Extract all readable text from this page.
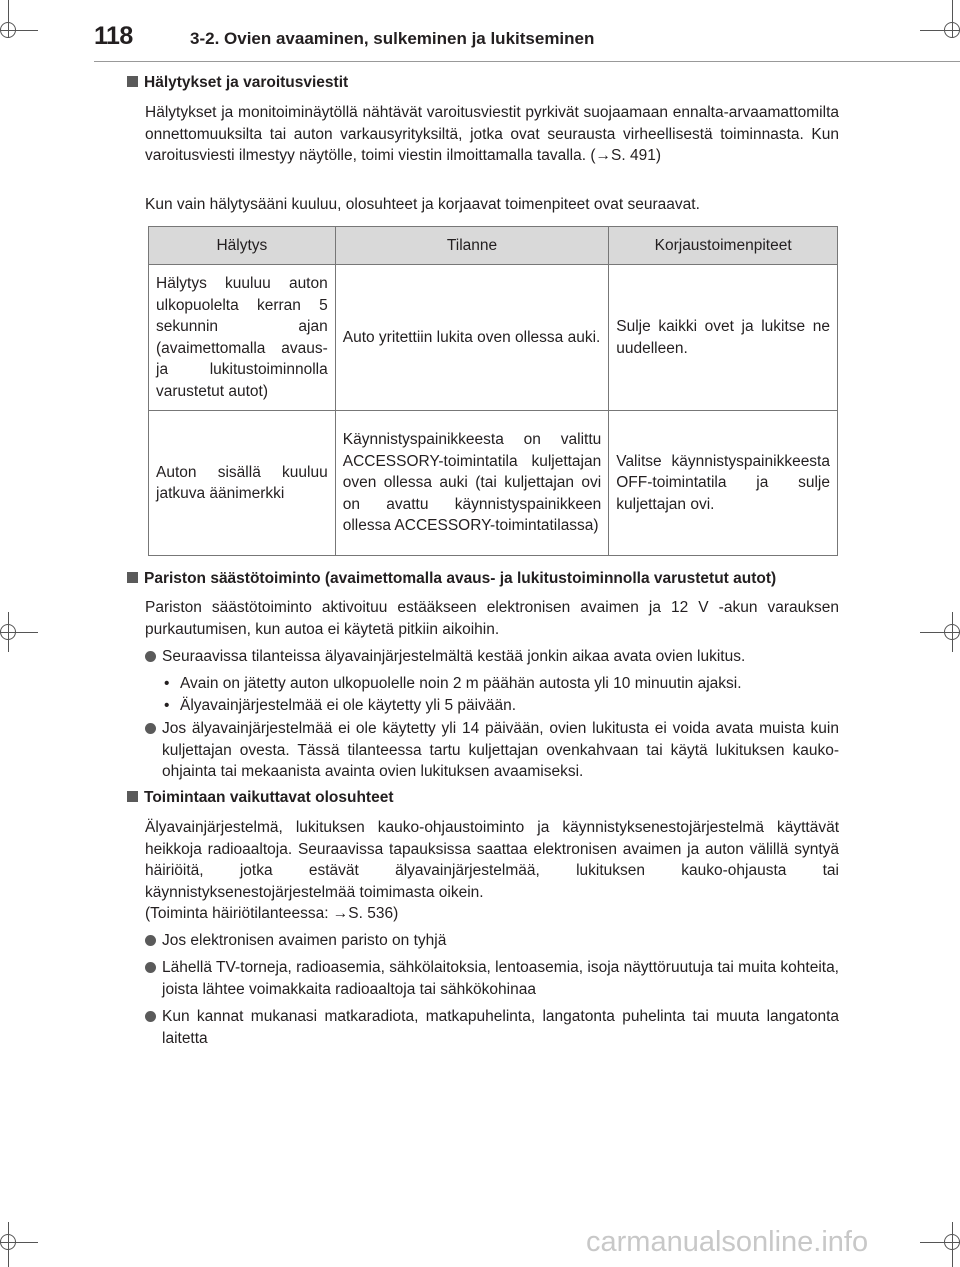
118	3-2. Ovien avaaminen, sulkeminen ja lukitseminen
Hälytykset ja varoitusviestit
Hälytykset ja monitoiminäytöllä nähtävät varoitusviestit pyrkivät suojaamaan ennalta-arvaamattomilta onnettomuuksilta tai auton varkausyrityksiltä, jotka ovat seurausta virheellisestä toiminnasta. Kun varoitusviesti ilmestyy näytölle, toimi viestin ilmoittamalla tavalla. (→S. 491)
Kun vain hälytysääni kuuluu, olosuhteet ja korjaavat toimenpiteet ovat seuraavat.
Hälytys	Tilanne	Korjaustoimenpiteet
Hälytys kuuluu auton ulkopuolelta kerran 5 sekunnin ajan (avaimettomalla avaus- ja lukitustoiminnolla varustetut autot)	Auto yritettiin lukita oven ollessa auki.	Sulje kaikki ovet ja lukitse ne uudelleen.
Auton sisällä kuuluu jatkuva äänimerkki	Käynnistyspainikkeesta on valittu ACCESSORY-toimintatila kuljettajan oven ollessa auki (tai kuljettajan ovi on avattu käynnistyspainikkeen ollessa ACCESSORY-toimintatilassa)	Valitse käynnistyspainikkeesta OFF-toimintatila ja sulje kuljettajan ovi.
Pariston säästötoiminto (avaimettomalla avaus- ja lukitustoiminnolla varustetut autot)
Pariston säästötoiminto aktivoituu estääkseen elektronisen avaimen ja 12 V -akun varauksen purkautumisen, kun autoa ei käytetä pitkiin aikoihin.
Seuraavissa tilanteissa älyavainjärjestelmältä kestää jonkin aikaa avata ovien lukitus.
• Avain on jätetty auton ulkopuolelle noin 2 m päähän autosta yli 10 minuutin ajaksi.
• Älyavainjärjestelmää ei ole käytetty yli 5 päivään.
Jos älyavainjärjestelmää ei ole käytetty yli 14 päivään, ovien lukitusta ei voida avata muista kuin kuljettajan ovesta. Tässä tilanteessa tartu kuljettajan ovenkahvaan tai käytä lukituksen kauko-ohjainta tai mekaanista avainta ovien lukituksen avaamiseksi.
Toimintaan vaikuttavat olosuhteet
Älyavainjärjestelmä, lukituksen kauko-ohjaustoiminto ja käynnistyksenestojärjestelmä käyttävät heikkoja radioaaltoja. Seuraavissa tapauksissa saattaa elektronisen avaimen ja auton välillä syntyä häiriöitä, jotka estävät älyavainjärjestelmää, lukituksen kauko-ohjausta tai käynnistyksenestojärjestelmää toimimasta oikein.
(Toiminta häiriötilanteessa: →S. 536)
Jos elektronisen avaimen paristo on tyhjä
Lähellä TV-torneja, radioasemia, sähkölaitoksia, lentoasemia, isoja näyttöruutuja tai muita kohteita, joista lähtee voimakkaita radioaaltoja tai sähkökohinaa
Kun kannat mukanasi matkaradiota, matkapuhelinta, langatonta puhelinta tai muuta langatonta laitetta
carmanualsonline.info
